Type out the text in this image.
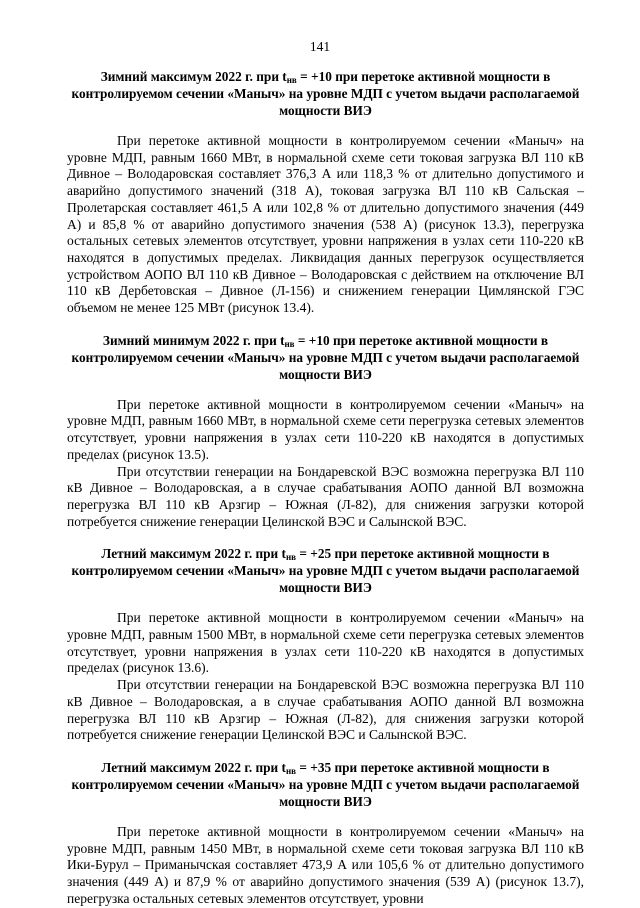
141

Зимний максимум 2022 г. при $t_{нв} = +10$ при перетоке активной мощности в контролируемом сечении «Маныч» на уровне МДП с учетом выдачи располагаемой мощности ВИЭ

При перетоке активной мощности в контролируемом сечении «Маныч» на уровне МДП, равным 1660 МВт, в нормальной схеме сети токовая загрузка ВЛ 110 кВ Дивное – Володаровская составляет 376,3 А или 118,3 % от длительно допустимого и аварийно допустимого значений (318 А), токовая загрузка ВЛ 110 кВ Сальская – Пролетарская составляет 461,5 А или 102,8 % от длительно допустимого значения (449 А) и 85,8 % от аварийно допустимого значения (538 А) (рисунок 13.3), перегрузка остальных сетевых элементов отсутствует, уровни напряжения в узлах сети 110-220 кВ находятся в допустимых пределах. Ликвидация данных перегрузок осуществляется устройством АОПО ВЛ 110 кВ Дивное – Володаровская с действием на отключение ВЛ 110 кВ Дербетовская – Дивное (Л-156) и снижением генерации Цимлянской ГЭС объемом не менее 125 МВт (рисунок 13.4).

Зимний минимум 2022 г. при $t_{нв} = +10$ при перетоке активной мощности в контролируемом сечении «Маныч» на уровне МДП с учетом выдачи располагаемой мощности ВИЭ

При перетоке активной мощности в контролируемом сечении «Маныч» на уровне МДП, равным 1660 МВт, в нормальной схеме сети перегрузка сетевых элементов отсутствует, уровни напряжения в узлах сети 110-220 кВ находятся в допустимых пределах (рисунок 13.5).

При отсутствии генерации на Бондаревской ВЭС возможна перегрузка ВЛ 110 кВ Дивное – Володаровская, а в случае срабатывания АОПО данной ВЛ возможна перегрузка ВЛ 110 кВ Арзгир – Южная (Л-82), для снижения загрузки которой потребуется снижение генерации Целинской ВЭС и Салынской ВЭС.

Летний максимум 2022 г. при $t_{нв} = +25$ при перетоке активной мощности в контролируемом сечении «Маныч» на уровне МДП с учетом выдачи располагаемой мощности ВИЭ

При перетоке активной мощности в контролируемом сечении «Маныч» на уровне МДП, равным 1500 МВт, в нормальной схеме сети перегрузка сетевых элементов отсутствует, уровни напряжения в узлах сети 110-220 кВ находятся в допустимых пределах (рисунок 13.6).

При отсутствии генерации на Бондаревской ВЭС возможна перегрузка ВЛ 110 кВ Дивное – Володаровская, а в случае срабатывания АОПО данной ВЛ возможна перегрузка ВЛ 110 кВ Арзгир – Южная (Л-82), для снижения загрузки которой потребуется снижение генерации Целинской ВЭС и Салынской ВЭС.

Летний максимум 2022 г. при $t_{нв} = +35$ при перетоке активной мощности в контролируемом сечении «Маныч» на уровне МДП с учетом выдачи располагаемой мощности ВИЭ

При перетоке активной мощности в контролируемом сечении «Маныч» на уровне МДП, равным 1450 МВт, в нормальной схеме сети токовая загрузка ВЛ 110 кВ Ики-Бурул – Приманычская составляет 473,9 А или 105,6 % от длительно допустимого значения (449 А) и 87,9 % от аварийно допустимого значения (539 А) (рисунок 13.7), перегрузка остальных сетевых элементов отсутствует, уровни
